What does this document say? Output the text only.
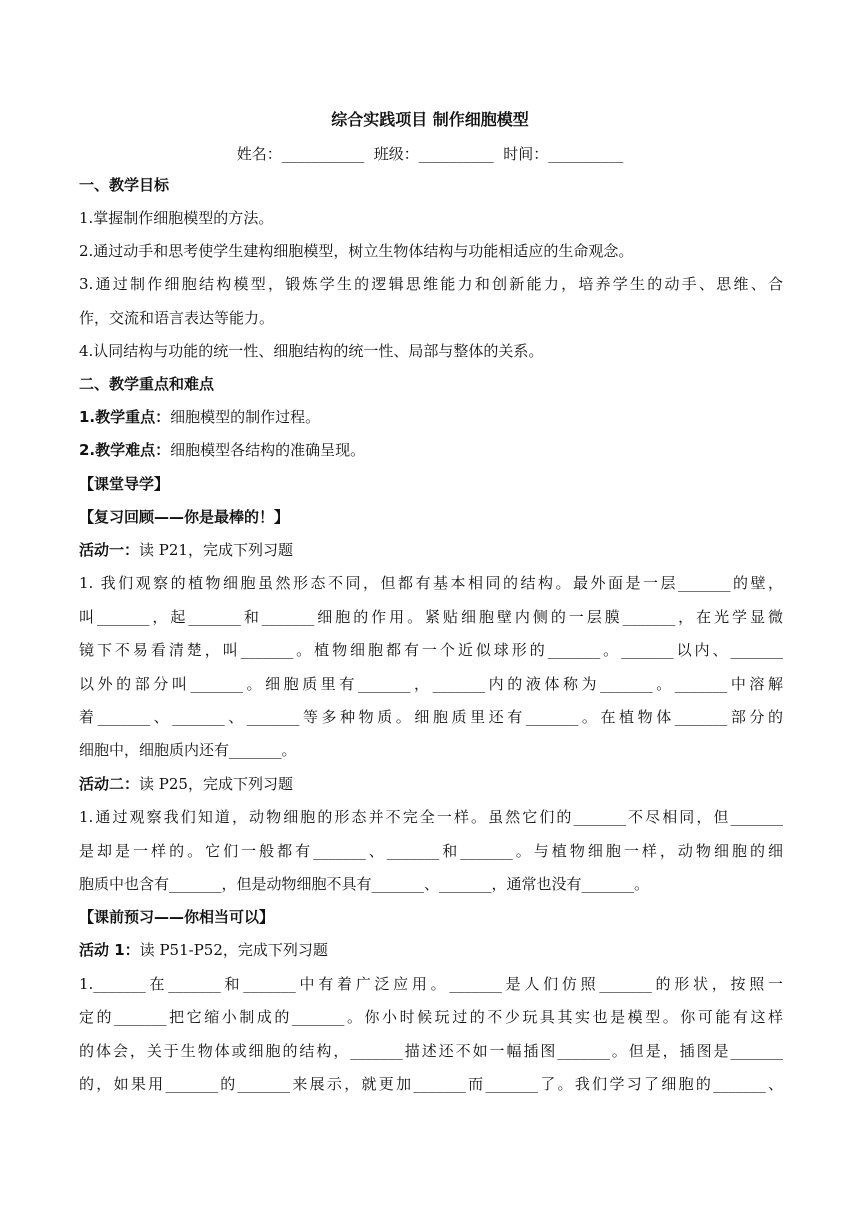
综合实践项目 制作细胞模型
姓名：___________  班级：__________  时间：__________
一、教学目标
1.掌握制作细胞模型的方法。
2.通过动手和思考使学生建构细胞模型，树立生物体结构与功能相适应的生命观念。
3.通过制作细胞结构模型，锻炼学生的逻辑思维能力和创新能力，培养学生的动手、思维、合
作，交流和语言表达等能力。
4.认同结构与功能的统一性、细胞结构的统一性、局部与整体的关系。
二、教学重点和难点
1.教学重点：细胞模型的制作过程。
2.教学难点：细胞模型各结构的准确呈现。
【课堂导学】
【复习回顾——你是最棒的！】
活动一：读 P21，完成下列习题
1. 我们观察的植物细胞虽然形态不同，但都有基本相同的结构。最外面是一层_______的壁，
叫_______，起_______和_______细胞的作用。紧贴细胞壁内侧的一层膜_______，在光学显微
镜下不易看清楚，叫_______。植物细胞都有一个近似球形的_______。_______以内、_______
以外的部分叫_______。细胞质里有_______，_______内的液体称为_______。_______中溶解
着_______、_______、_______等多种物质。细胞质里还有_______。在植物体_______部分的
细胞中，细胞质内还有_______。
活动二：读 P25，完成下列习题
1.通过观察我们知道，动物细胞的形态并不完全一样。虽然它们的_______不尽相同，但_______
是却是一样的。它们一般都有_______、_______和_______。与植物细胞一样，动物细胞的细
胞质中也含有_______，但是动物细胞不具有_______、_______，通常也没有_______。
【课前预习——你相当可以】
活动 1：读 P51-P52，完成下列习题
1._______在_______和_______中有着广泛应用。_______是人们仿照_______的形状，按照一
定的_______把它缩小制成的_______。你小时候玩过的不少玩具其实也是模型。你可能有这样
的体会，关于生物体或细胞的结构，_______描述还不如一幅插图_______。但是，插图是_______
的，如果用_______的_______来展示，就更加_______而_______了。我们学习了细胞的_______、
